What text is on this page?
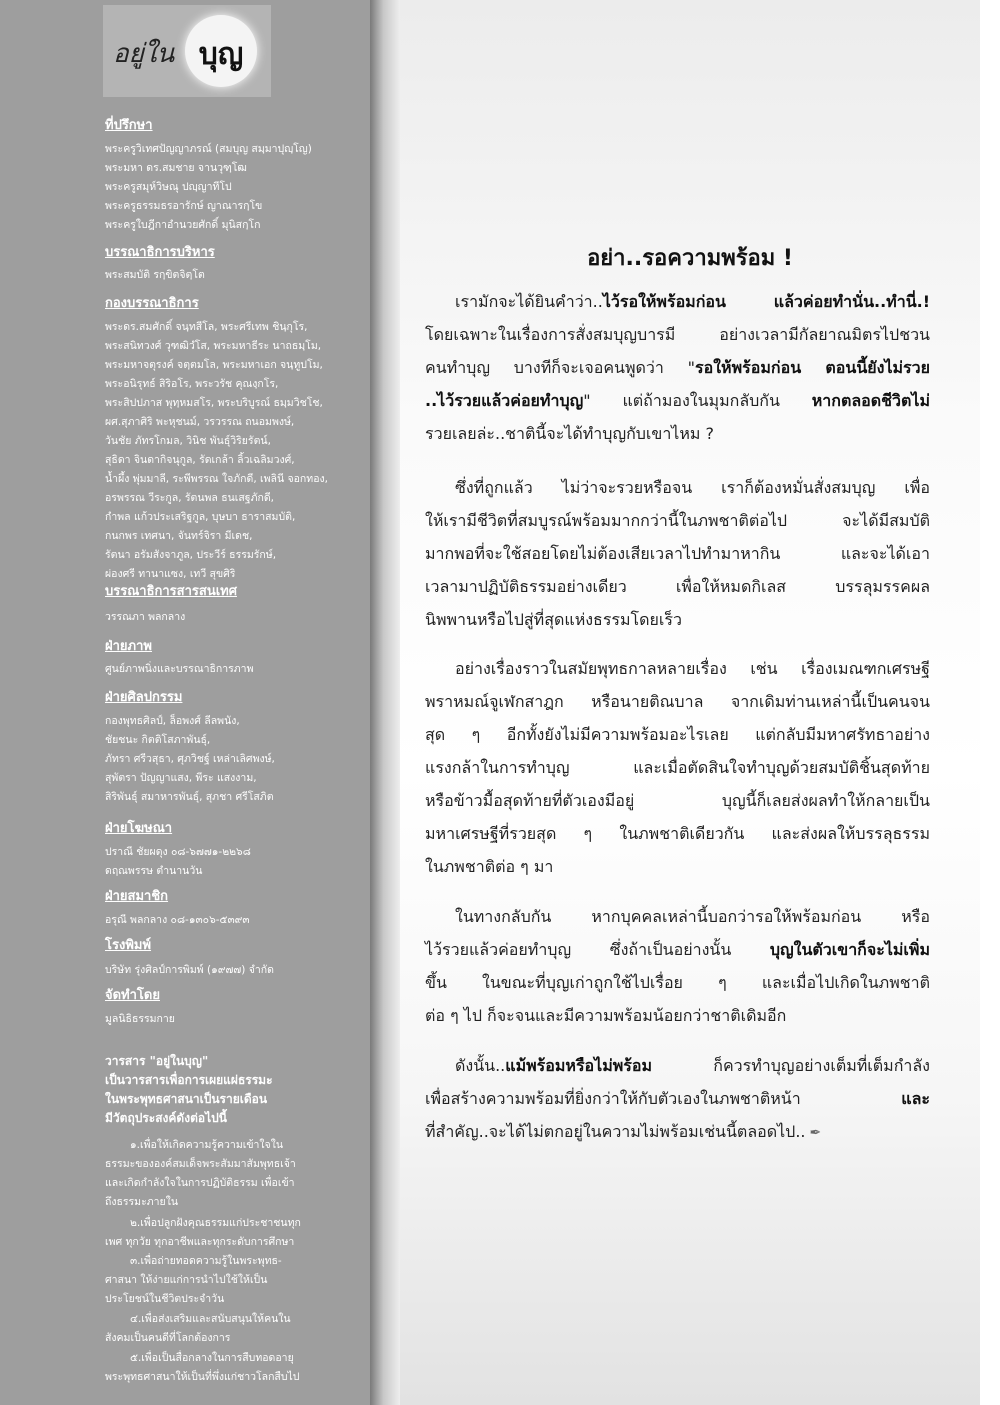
อยู่ใน บุญ
ที่ปรึกษา
พระครูวิเทศปัญญาภรณ์ (สมบุญ สมฺมาปุญฺโญ)
พระมหา ดร.สมชาย จานวุฑฺโฒ
พระครูสมุห์วิษณุ ปญฺญาทีโป
พระครูธรรมธรอารักษ์ ญาณารกฺโข
พระครูใบฎีกาอำนวยศักดิ์ มุนิสกฺโก
บรรณาธิการบริหาร
พระสมบัติ รกฺขิตจิตฺโต
กองบรรณาธิการ
พระดร.สมศักดิ์ จนฺทสีโล, พระศรีเทพ ชินฺกุโร,
พระสนิทวงศ์ วุฑฒิวํโส, พระมหาธีระ นาถธมฺโม,
พระมหาจตุรงค์ จตฺตมโล, พระมหาเอก จนฺทูปโม,
พระอนิรุทธ์ สิริอโร, พระวรัช คุณงฺกโร,
พระสิปปภาส พุทฺหมสโร, พระบริบูรณ์ ธมฺมวิชโช,
ผศ.สุภาศิริ พะหุชนม์, วรวรรณ ถนอมพงษ์,
วันชัย ภัทรโกมล, วินิช พันธุ์วิริยรัตน์,
สุธิดา จินดากิจนุกูล, รัดเกล้า ลิ้วเฉลิมวงศ์,
น้ำผึ้ง พุ่มมาลี, ระพีพรรณ ใจภักดี, เพลินี จอกทอง,
อรพรรณ วีระกูล, รัตนพล ธนเสฐภักดี,
กำพล แก้วประเสริฐกูล, บุษบา ธาราสมบัติ,
กนกพร เทศนา, จันทร์จิรา มีเดช,
รัตนา อรัมสังจาภูล, ประวีร์ ธรรมรักษ์,
ผ่องศรี ทานาแซง, เทวี สุขศิริ
บรรณาธิการสารสนเทศ
วรรณภา พลกลาง
ฝ่ายภาพ
ศูนย์ภาพนิ่งและบรรณาธิการภาพ
ฝ่ายศิลปกรรม
กองพุทธศิลป์, ล็อพงศ์ ลีลพนัง,
ชัยชนะ กิตติโสภาพันธุ์,
ภัทรา ศรีวสุธา, ศุภวิชฐ์ เหล่าเลิศพงษ์,
สุพัตรา ปัญญาแสง, พีระ แสงงาม,
สิริพันธุ์ สมาหารพันธุ์, สุภชา ศรีโสภิต
ฝ่ายโฆษณา
ปราณี ชัยผดุง ๐๘-๖๗๗๑-๒๒๖๘
ดฤณพรรษ ตำนานวัน
ฝ่ายสมาชิก
อรุณี พลกลาง ๐๘-๑๓๐๖-๕๓๙๓
โรงพิมพ์
บริษัท รุ่งศิลป์การพิมพ์ (๑๙๗๗) จำกัด
จัดทำโดย
มูลนิธิธรรมกาย
วารสาร "อยู่ในบุญ"
เป็นวารสารเพื่อการเผยแผ่ธรรมะ
ในพระพุทธศาสนาเป็นรายเดือน
มีวัตถุประสงค์ดังต่อไปนี้
๑.เพื่อให้เกิดความรู้ความเข้าใจใน
ธรรมะขององค์สมเด็จพระสัมมาสัมพุทธเจ้า
และเกิดกำลังใจในการปฏิบัติธรรม เพื่อเข้า
ถึงธรรมะภายใน
๒.เพื่อปลูกฝังคุณธรรมแก่ประชาชนทุก
เพศ ทุกวัย ทุกอาชีพและทุกระดับการศึกษา
๓.เพื่อถ่ายทอดความรู้ในพระพุทธ-
ศาสนา ให้ง่ายแก่การนำไปใช้ให้เป็น
ประโยชน์ในชีวิตประจำวัน
๔.เพื่อส่งเสริมและสนับสนุนให้คนใน
สังคมเป็นคนดีที่โลกต้องการ
๕.เพื่อเป็นสื่อกลางในการสืบทอดอายุ
พระพุทธศาสนาให้เป็นที่พึ่งแก่ชาวโลกสืบไป
อย่า..รอความพร้อม !
เรามักจะได้ยินคำว่า..ไว้รอให้พร้อมก่อน แล้วค่อยทำนั่น..ทำนี่.!
โดยเฉพาะในเรื่องการสั่งสมบุญบารมี อย่างเวลามีกัลยาณมิตรไปชวน
คนทำบุญ บางทีก็จะเจอคนพูดว่า "รอให้พร้อมก่อน ตอนนี้ยังไม่รวย
..ไว้รวยแล้วค่อยทำบุญ" แต่ถ้ามองในมุมกลับกัน หากตลอดชีวิตไม่
รวยเลยล่ะ..ชาตินี้จะได้ทำบุญกับเขาไหม ?
ซึ่งที่ถูกแล้ว ไม่ว่าจะรวยหรือจน เราก็ต้องหมั่นสั่งสมบุญ เพื่อ
ให้เรามีชีวิตที่สมบูรณ์พร้อมมากกว่านี้ในภพชาติต่อไป จะได้มีสมบัติ
มากพอที่จะใช้สอยโดยไม่ต้องเสียเวลาไปทำมาหากิน และจะได้เอา
เวลามาปฏิบัติธรรมอย่างเดียว เพื่อให้หมดกิเลส บรรลุมรรคผล
นิพพานหรือไปสู่ที่สุดแห่งธรรมโดยเร็ว
อย่างเรื่องราวในสมัยพุทธกาลหลายเรื่อง เช่น เรื่องเมณฑกเศรษฐี
พราหมณ์จูเฬกสาฎก หรือนายติณบาล จากเดิมท่านเหล่านี้เป็นคนจน
สุด ๆ อีกทั้งยังไม่มีความพร้อมอะไรเลย แต่กลับมีมหาศรัทธาอย่าง
แรงกล้าในการทำบุญ และเมื่อตัดสินใจทำบุญด้วยสมบัติชิ้นสุดท้าย
หรือข้าวมื้อสุดท้ายที่ตัวเองมีอยู่ บุญนี้ก็เลยส่งผลทำให้กลายเป็น
มหาเศรษฐีที่รวยสุด ๆ ในภพชาติเดียวกัน และส่งผลให้บรรลุธรรม
ในภพชาติต่อ ๆ มา
ในทางกลับกัน หากบุคคลเหล่านี้บอกว่ารอให้พร้อมก่อน หรือ
ไว้รวยแล้วค่อยทำบุญ ซึ่งถ้าเป็นอย่างนั้น บุญในตัวเขาก็จะไม่เพิ่ม
ขึ้น ในขณะที่บุญเก่าถูกใช้ไปเรื่อย ๆ และเมื่อไปเกิดในภพชาติ
ต่อ ๆ ไป ก็จะจนและมีความพร้อมน้อยกว่าชาติเดิมอีก
ดังนั้น..แม้พร้อมหรือไม่พร้อม ก็ควรทำบุญอย่างเต็มที่เต็มกำลัง
เพื่อสร้างความพร้อมที่ยิ่งกว่าให้กับตัวเองในภพชาติหน้า และ
ที่สำคัญ..จะได้ไม่ตกอยู่ในความไม่พร้อมเช่นนี้ตลอดไป.. ✒
